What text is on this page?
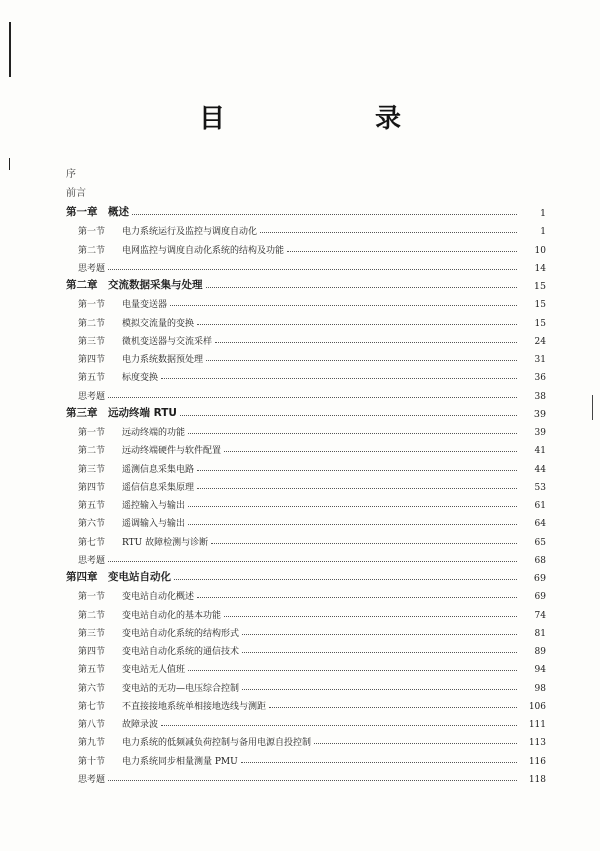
目　录
序
前言
第一章　概述	1
第一节 电力系统运行及监控与调度自动化	1
第二节 电网监控与调度自动化系统的结构及功能	10
思考题	14
第二章　交流数据采集与处理	15
第一节 电量变送器	15
第二节 模拟交流量的变换	15
第三节 微机变送器与交流采样	24
第四节 电力系统数据预处理	31
第五节 标度变换	36
思考题	38
第三章　远动终端 RTU	39
第一节 远动终端的功能	39
第二节 远动终端硬件与软件配置	41
第三节 遥测信息采集电路	44
第四节 遥信信息采集原理	53
第五节 遥控输入与输出	61
第六节 遥调输入与输出	64
第七节 RTU 故障检测与诊断	65
思考题	68
第四章　变电站自动化	69
第一节 变电站自动化概述	69
第二节 变电站自动化的基本功能	74
第三节 变电站自动化系统的结构形式	81
第四节 变电站自动化系统的通信技术	89
第五节 变电站无人值班	94
第六节 变电站的无功—电压综合控制	98
第七节 不直接接地系统单相接地选线与测距	106
第八节 故障录波	111
第九节 电力系统的低频减负荷控制与备用电源自投控制	113
第十节 电力系统同步相量测量 PMU	116
思考题	118
